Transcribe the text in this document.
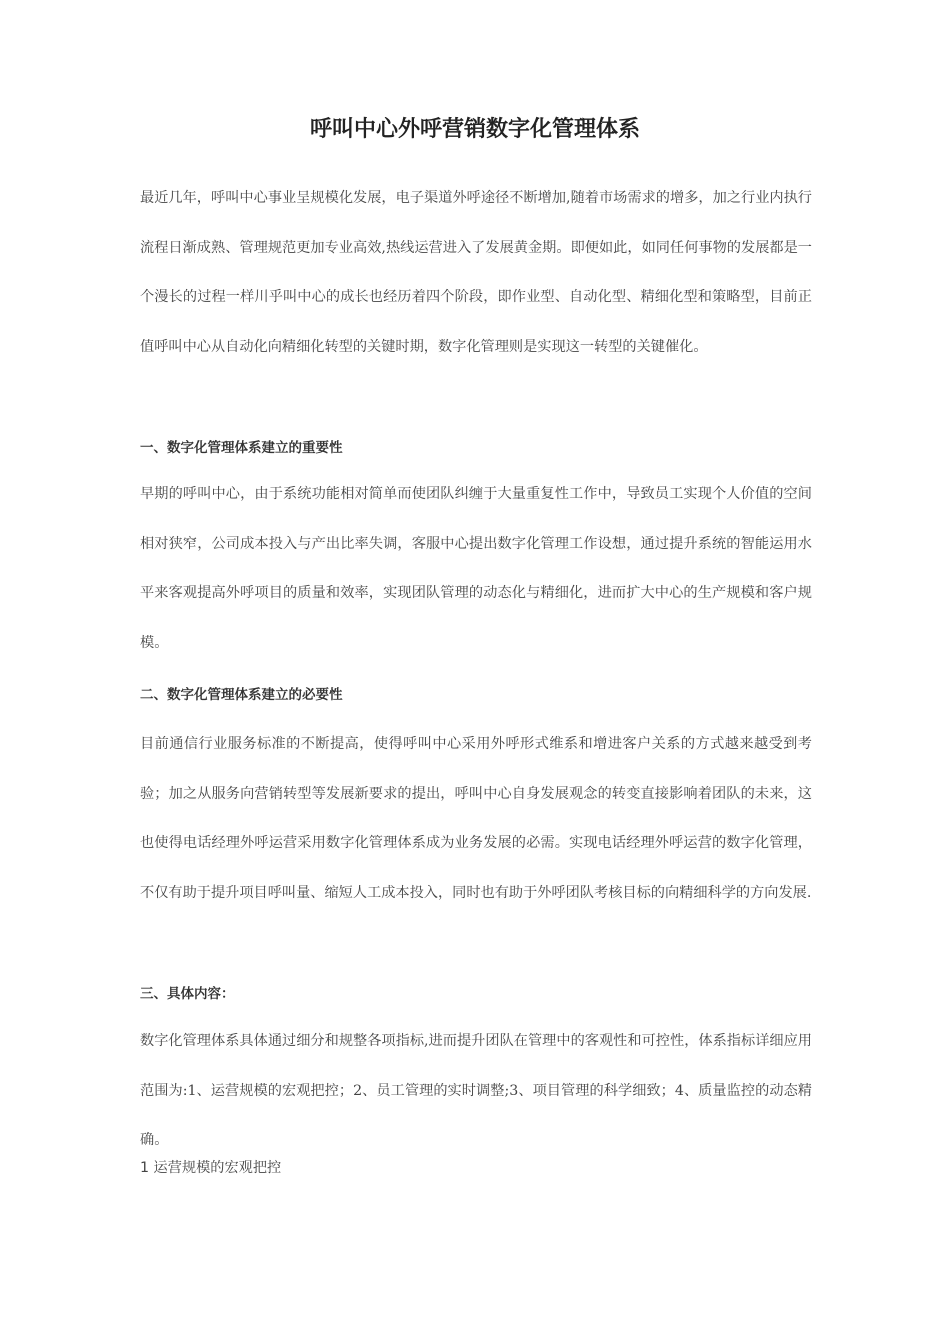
呼叫中心外呼营销数字化管理体系

最近几年，呼叫中心事业呈规模化发展，电子渠道外呼途径不断增加,随着市场需求的增多，加之行业内执行流程日渐成熟、管理规范更加专业高效,热线运营进入了发展黄金期。即便如此，如同任何事物的发展都是一个漫长的过程一样川乎叫中心的成长也经历着四个阶段，即作业型、自动化型、精细化型和策略型，目前正值呼叫中心从自动化向精细化转型的关键时期，数字化管理则是实现这一转型的关键催化。

一、数字化管理体系建立的重要性

早期的呼叫中心，由于系统功能相对简单而使团队纠缠于大量重复性工作中，导致员工实现个人价值的空间相对狭窄，公司成本投入与产出比率失调，客服中心提出数字化管理工作设想，通过提升系统的智能运用水平来客观提高外呼项目的质量和效率，实现团队管理的动态化与精细化，进而扩大中心的生产规模和客户规模。

二、数字化管理体系建立的必要性

目前通信行业服务标准的不断提高，使得呼叫中心采用外呼形式维系和增进客户关系的方式越来越受到考验；加之从服务向营销转型等发展新要求的提出，呼叫中心自身发展观念的转变直接影响着团队的未来，这也使得电话经理外呼运营采用数字化管理体系成为业务发展的必需。实现电话经理外呼运营的数字化管理，不仅有助于提升项目呼叫量、缩短人工成本投入，同时也有助于外呼团队考核目标的向精细科学的方向发展.

三、具体内容：

数字化管理体系具体通过细分和规整各项指标,进而提升团队在管理中的客观性和可控性，体系指标详细应用范围为:1、运营规模的宏观把控；2、员工管理的实时调整;3、项目管理的科学细致；4、质量监控的动态精确。

1 运营规模的宏观把控
